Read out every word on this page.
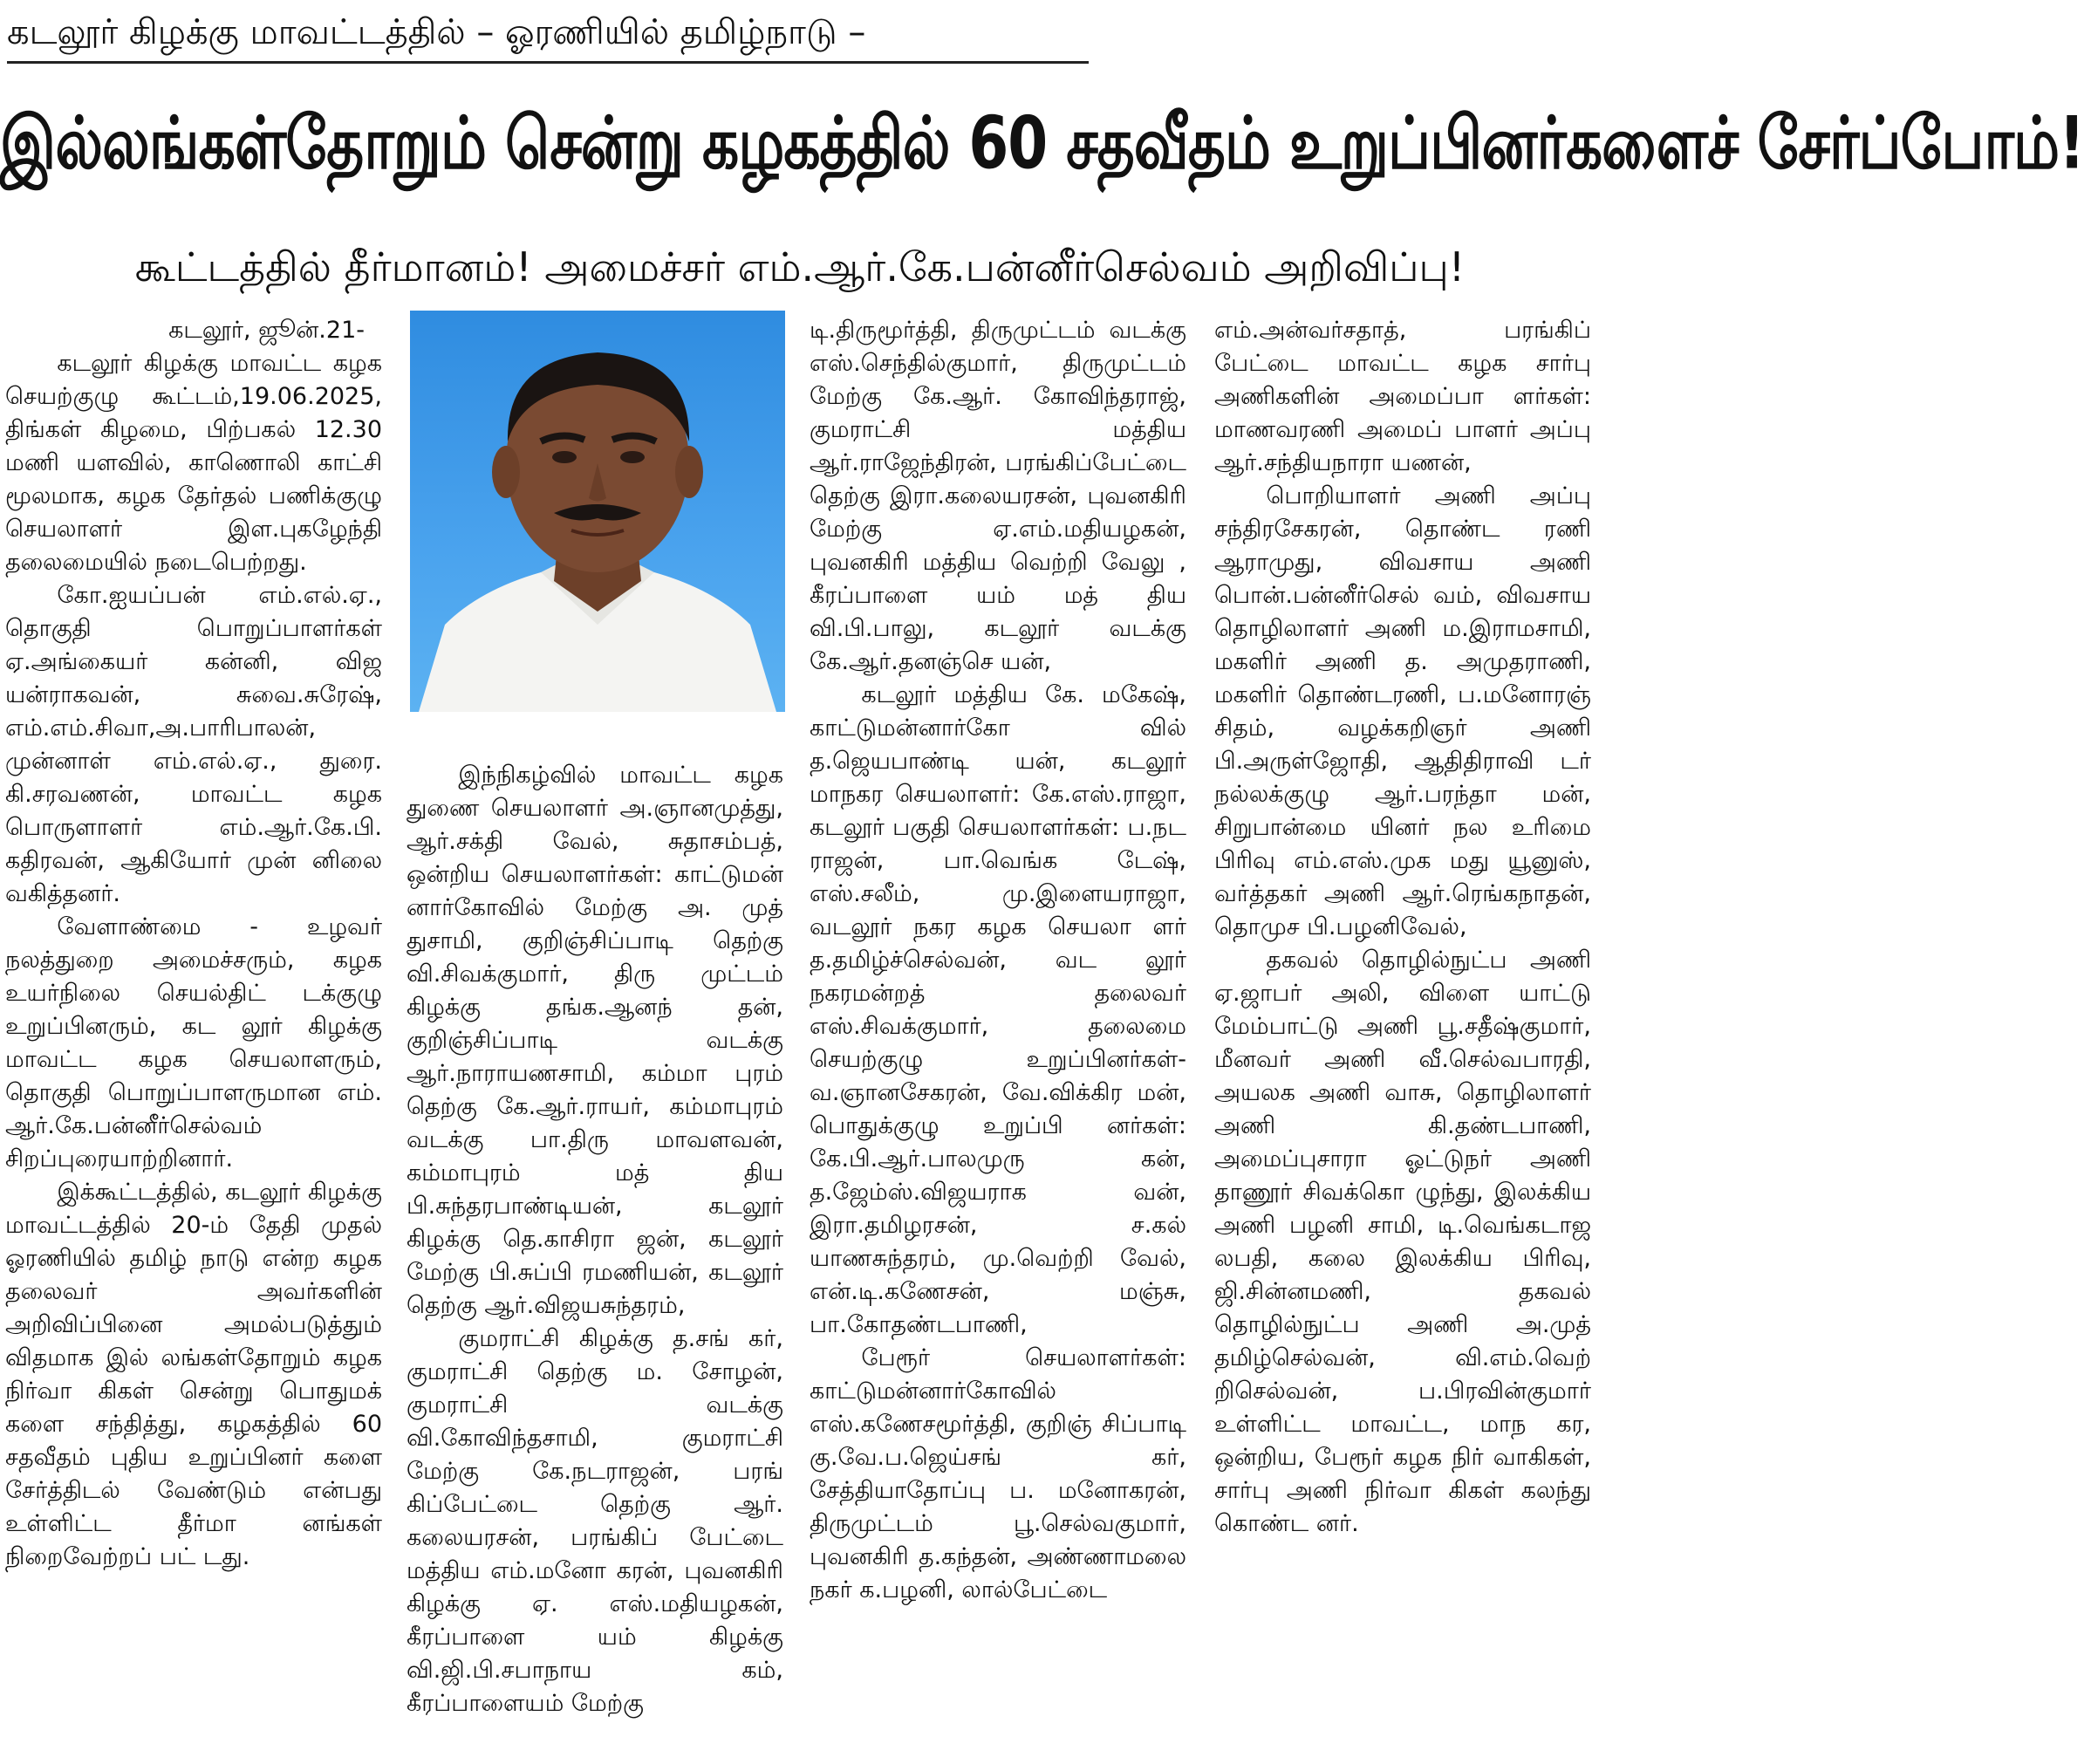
கடலூர் கிழக்கு மாவட்டத்தில் – ஓரணியில் தமிழ்நாடு –
இல்லங்கள்தோறும் சென்று கழகத்தில் 60 சதவீதம் உறுப்பினர்களைச் சேர்ப்போம்!
கூட்டத்தில் தீர்மானம்! அமைச்சர் எம்.ஆர்.கே.பன்னீர்செல்வம் அறிவிப்பு!

கடலூர், ஜூன்.21-

கடலூர் கிழக்கு மாவட்ட கழக செயற்குழு கூட்டம்,19.06.2025, திங்கள் கிழமை, பிற்பகல் 12.30 மணி யளவில், காணொலி காட்சி மூலமாக, கழக தேர்தல் பணிக்குழு செயலாளர் இள.புகழேந்தி தலைமையில் நடைபெற்றது.

கோ.ஐயப்பன் எம்.எல்.ஏ., தொகுதி பொறுப்பாளர்கள் ஏ.அங்கையர் கன்னி, விஜ யன்ராகவன், சுவை.சுரேஷ், எம்.எம்.சிவா,அ.பாரிபாலன், முன்னாள் எம்.எல்.ஏ., துரை. கி.சரவணன், மாவட்ட கழக பொருளாளர் எம்.ஆர்.கே.பி. கதிரவன், ஆகியோர் முன் னிலை வகித்தனர்.

வேளாண்மை - உழவர் நலத்துறை அமைச்சரும், கழக உயர்நிலை செயல்திட் டக்குழு உறுப்பினரும், கட லூர் கிழக்கு மாவட்ட கழக செயலாளரும், தொகுதி பொறுப்பாளருமான எம். ஆர்.கே.பன்னீர்செல்வம் சிறப்புரையாற்றினார்.

இக்கூட்டத்தில், கடலூர் கிழக்கு மாவட்டத்தில் 20-ம் தேதி முதல் ஓரணியில் தமிழ் நாடு என்ற கழக தலைவர் அவர்களின் அறிவிப்பினை அமல்படுத்தும் விதமாக இல் லங்கள்தோறும் கழக நிர்வா கிகள் சென்று பொதுமக் களை சந்தித்து, கழகத்தில் 60 சதவீதம் புதிய உறுப்பினர் களை சேர்த்திடல் வேண்டும் என்பது உள்ளிட்ட தீர்மா னங்கள் நிறைவேற்றப் பட் டது.

இந்நிகழ்வில் மாவட்ட கழக துணை செயலாளர் அ.ஞானமுத்து, ஆர்.சக்தி வேல், சுதாசம்பத், ஒன்றிய செயலாளர்கள்: காட்டுமன் னார்கோவில் மேற்கு அ. முத் துசாமி, குறிஞ்சிப்பாடி தெற்கு வி.சிவக்குமார், திரு முட்டம் கிழக்கு தங்க.ஆனந் தன், குறிஞ்சிப்பாடி வடக்கு ஆர்.நாராயணசாமி, கம்மா புரம் தெற்கு கே.ஆர்.ராயர், கம்மாபுரம் வடக்கு பா.திரு மாவளவன், கம்மாபுரம் மத் திய பி.சுந்தரபாண்டியன், கடலூர் கிழக்கு தெ.காசிரா ஜன், கடலூர் மேற்கு பி.சுப்பி ரமணியன், கடலூர் தெற்கு ஆர்.விஜயசுந்தரம்,

குமராட்சி கிழக்கு த.சங் கர், குமராட்சி தெற்கு ம. சோழன், குமராட்சி வடக்கு வி.கோவிந்தசாமி, குமராட்சி மேற்கு கே.நடராஜன், பரங் கிப்பேட்டை தெற்கு ஆர். கலையரசன், பரங்கிப் பேட்டை மத்திய எம்.மனோ கரன், புவனகிரி கிழக்கு ஏ. எஸ்.மதியழகன், கீரப்பாளை யம் கிழக்கு வி.ஜி.பி.சபாநாய கம், கீரப்பாளையம் மேற்கு

டி.திருமூர்த்தி, திருமுட்டம் வடக்கு எஸ்.செந்தில்குமார், திருமுட்டம் மேற்கு கே.ஆர். கோவிந்தராஜ், குமராட்சி மத்திய ஆர்.ராஜேந்திரன், பரங்கிப்பேட்டை தெற்கு இரா.கலையரசன், புவனகிரி மேற்கு ஏ.எம்.மதியழகன், புவனகிரி மத்திய வெற்றி வேலு , கீரப்பாளை யம் மத் திய வி.பி.பாலு, கடலூர் வடக்கு கே.ஆர்.தனஞ்செ யன்,

கடலூர் மத்திய கே. மகேஷ், காட்டுமன்னார்கோ வில் த.ஜெயபாண்டி யன், கடலூர் மாநகர செயலாளர்: கே.எஸ்.ராஜா, கடலூர் பகுதி செயலாளர்கள்: ப.நட ராஜன், பா.வெங்க டேஷ், எஸ்.சலீம், மு.இளையராஜா, வடலூர் நகர கழக செயலா ளர் த.தமிழ்ச்செல்வன், வட லூர் நகரமன்றத் தலைவர் எஸ்.சிவக்குமார், தலைமை செயற்குழு உறுப்பினர்கள்- வ.ஞானசேகரன், வே.விக்கிர மன், பொதுக்குழு உறுப்பி னர்கள்: கே.பி.ஆர்.பாலமுரு கன், த.ஜேம்ஸ்.விஜயராக வன், இரா.தமிழரசன், ச.கல் யாணசுந்தரம், மு.வெற்றி வேல், என்.டி.கணேசன், மஞ்சு, பா.கோதண்டபாணி,

பேரூர் செயலாளர்கள்: காட்டுமன்னார்கோவில் எஸ்.கணேசமூர்த்தி, குறிஞ் சிப்பாடி கு.வே.ப.ஜெய்சங் கர், சேத்தியாதோப்பு ப. மனோகரன், திருமுட்டம் பூ.செல்வகுமார், புவனகிரி த.கந்தன், அண்ணாமலை நகர் க.பழனி, லால்பேட்டை

எம்.அன்வர்சதாத், பரங்கிப் பேட்டை மாவட்ட கழக சார்பு அணிகளின் அமைப்பா ளர்கள்: மாணவரணி அமைப் பாளர் அப்பு ஆர்.சந்தியநாரா யணன்,

பொறியாளர் அணி அப்பு சந்திரசேகரன், தொண்ட ரணி ஆராமுது, விவசாய அணி பொன்.பன்னீர்செல் வம், விவசாய தொழிலாளர் அணி ம.இராமசாமி, மகளிர் அணி த. அமுதராணி, மகளிர் தொண்டரணி, ப.மனோரஞ் சிதம், வழக்கறிஞர் அணி பி.அருள்ஜோதி, ஆதிதிராவி டர் நல்லக்குழு ஆர்.பரந்தா மன், சிறுபான்மை யினர் நல உரிமை பிரிவு எம்.எஸ்.முக மது யூனுஸ், வர்த்தகர் அணி ஆர்.ரெங்கநாதன், தொமுச பி.பழனிவேல்,

தகவல் தொழில்நுட்ப அணி ஏ.ஜாபர் அலி, விளை யாட்டு மேம்பாட்டு அணி பூ.சதீஷ்குமார், மீனவர் அணி வீ.செல்வபாரதி, அயலக அணி வாசு, தொழிலாளர் அணி கி.தண்டபாணி, அமைப்புசாரா ஓட்டுநர் அணி தாணூர் சிவக்கொ ழுந்து, இலக்கிய அணி பழனி சாமி, டி.வெங்கடாஜ லபதி, கலை இலக்கிய பிரிவு, ஜி.சின்னமணி, தகவல் தொழில்நுட்ப அணி அ.முத் தமிழ்செல்வன், வி.எம்.வெற் றிசெல்வன், ப.பிரவின்குமார் உள்ளிட்ட மாவட்ட, மாந கர, ஒன்றிய, பேரூர் கழக நிர் வாகிகள், சார்பு அணி நிர்வா கிகள் கலந்து கொண்ட னர்.
